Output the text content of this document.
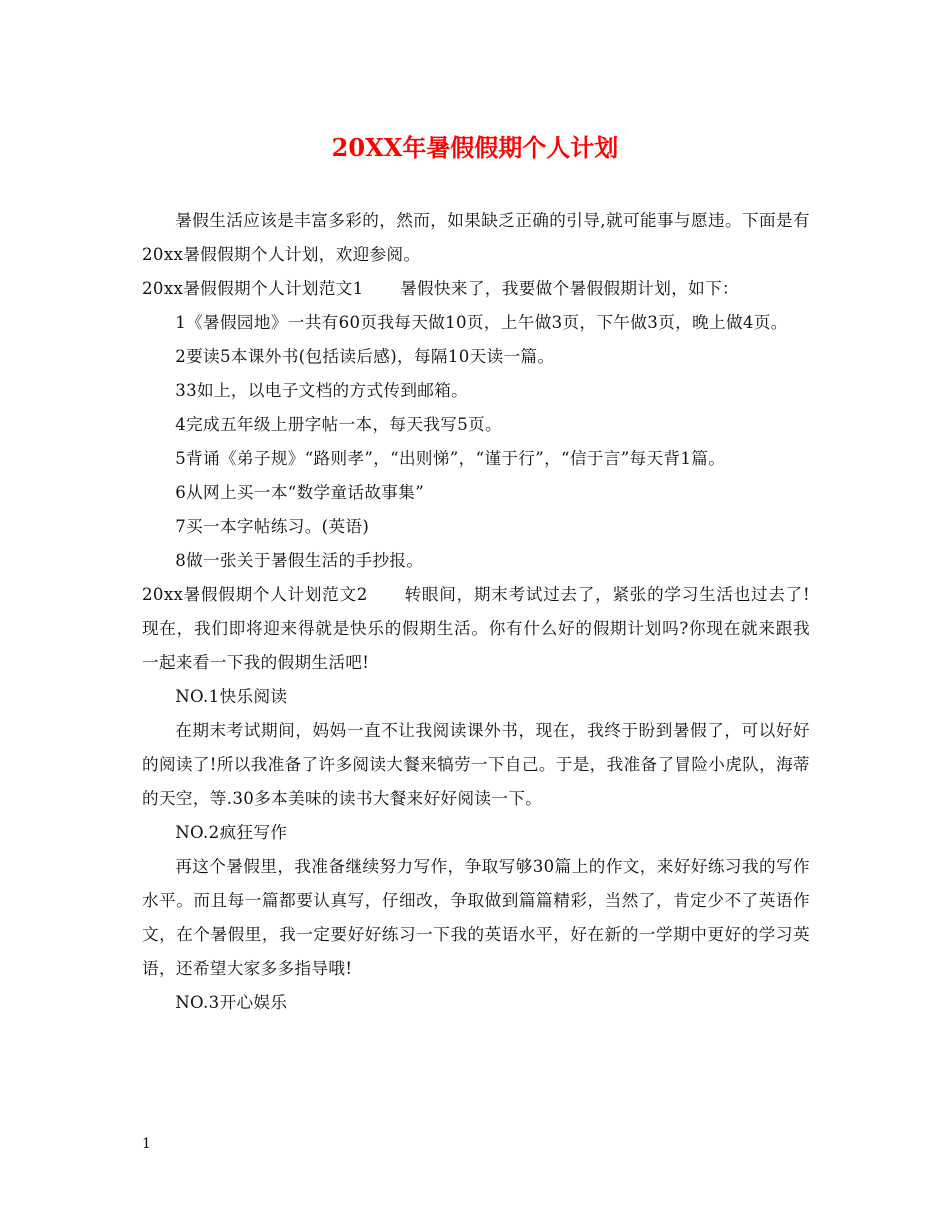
20XX年暑假假期个人计划

暑假生活应该是丰富多彩的，然而，如果缺乏正确的引导,就可能事与愿违。下面是有20xx暑假假期个人计划，欢迎参阅。

20xx暑假假期个人计划范文1 暑假快来了，我要做个暑假假期计划，如下：

1《暑假园地》一共有60页我每天做10页，上午做3页，下午做3页，晚上做4页。

2要读5本课外书(包括读后感)，每隔10天读一篇。

33如上，以电子文档的方式传到邮箱。

4完成五年级上册字帖一本，每天我写5页。

5背诵《弟子规》“路则孝”，“出则悌”，“谨于行”，“信于言”每天背1篇。

6从网上买一本“数学童话故事集”

7买一本字帖练习。(英语)

8做一张关于暑假生活的手抄报。

20xx暑假假期个人计划范文2 转眼间，期末考试过去了，紧张的学习生活也过去了!现在，我们即将迎来得就是快乐的假期生活。你有什么好的假期计划吗?你现在就来跟我一起来看一下我的假期生活吧!

NO.1快乐阅读

在期末考试期间，妈妈一直不让我阅读课外书，现在，我终于盼到暑假了，可以好好的阅读了!所以我准备了许多阅读大餐来犒劳一下自己。于是，我准备了冒险小虎队，海蒂的天空，等.30多本美味的读书大餐来好好阅读一下。

NO.2疯狂写作

再这个暑假里，我准备继续努力写作，争取写够30篇上的作文，来好好练习我的写作水平。而且每一篇都要认真写，仔细改，争取做到篇篇精彩，当然了，肯定少不了英语作文，在个暑假里，我一定要好好练习一下我的英语水平，好在新的一学期中更好的学习英语，还希望大家多多指导哦!

NO.3开心娱乐

1
